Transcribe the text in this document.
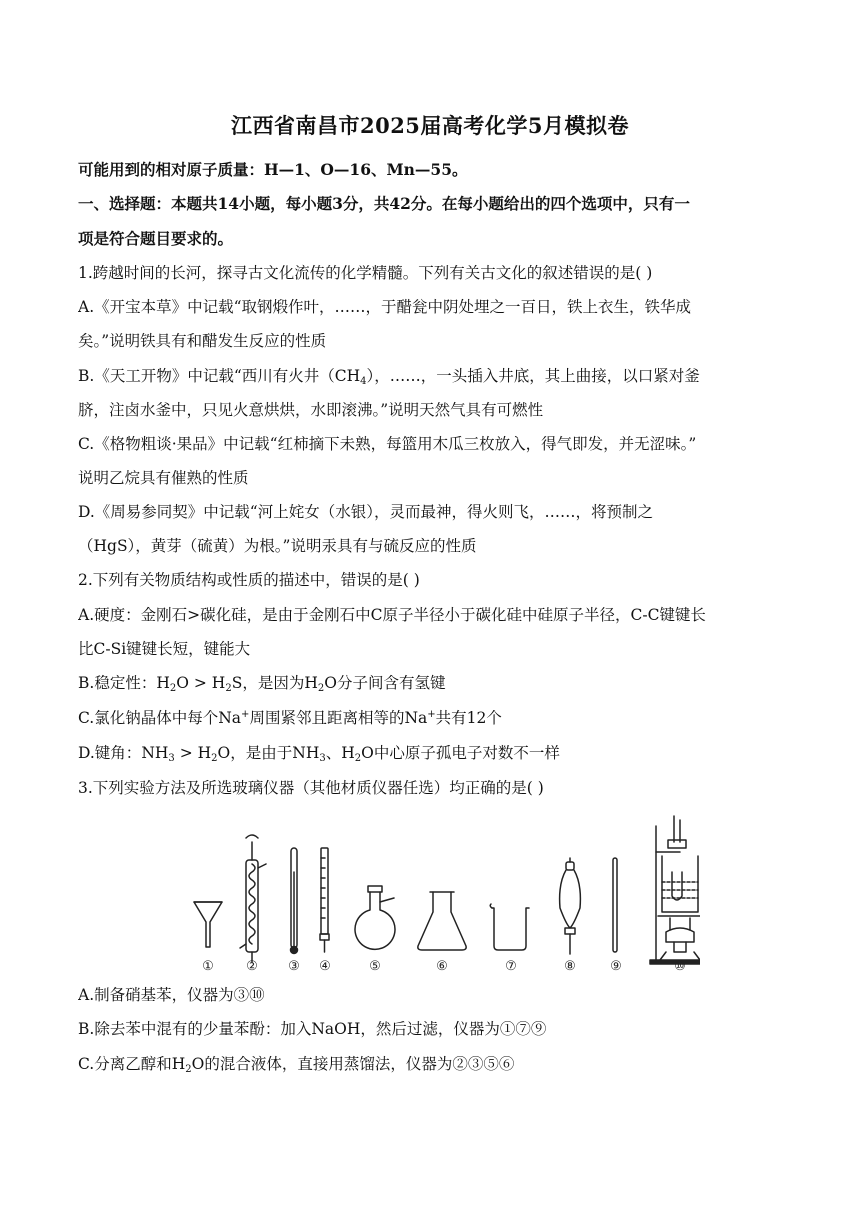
江西省南昌市2025届高考化学5月模拟卷
可能用到的相对原子质量：H—1、O—16、Mn—55。
一、选择题：本题共14小题，每小题3分，共42分。在每小题给出的四个选项中，只有一
项是符合题目要求的。
1.跨越时间的长河，探寻古文化流传的化学精髓。下列有关古文化的叙述错误的是( )
A.《开宝本草》中记载“取钢煅作叶，……，于醋瓮中阴处埋之一百日，铁上衣生，铁华成
矣。”说明铁具有和醋发生反应的性质
B.《天工开物》中记载“西川有火井$(CH_4)$，……，一头插入井底，其上曲接，以口紧对釜
脐，注卤水釜中，只见火意烘烘，水即滚沸。”说明天然气具有可燃性
C.《格物粗谈·果品》中记载“红柿摘下未熟，每篮用木瓜三枚放入，得气即发，并无涩味。”
说明乙烷具有催熟的性质
D.《周易参同契》中记载“河上姹女（水银），灵而最神，得火则飞，……，将预制之
（HgS），黄芽（硫黄）为根。”说明汞具有与硫反应的性质
2.下列有关物质结构或性质的描述中，错误的是( )
A.硬度：金刚石>碳化硅，是由于金刚石中C原子半径小于碳化硅中硅原子半径，C-C键键长
比C-Si键键长短，键能大
B.稳定性：$H_2O > H_2S$，是因为$H_2O$分子间含有氢键
C.氯化钠晶体中每个Na+周围紧邻且距离相等的Na+共有12个
D.键角：$NH_3 > H_2O$，是由于$NH_3$、$H_2O$中心原子孤电子对数不一样
3.下列实验方法及所选玻璃仪器（其他材质仪器任选）均正确的是( )
① ② ③ ④	⑤	⑥	⑦	⑧	⑨	⑩
A.制备硝基苯，仪器为③⑩
B.除去苯中混有的少量苯酚：加入NaOH，然后过滤，仪器为①⑦⑨
C.分离乙醇和$H_2O$的混合液体，直接用蒸馏法，仪器为②③⑤⑥
